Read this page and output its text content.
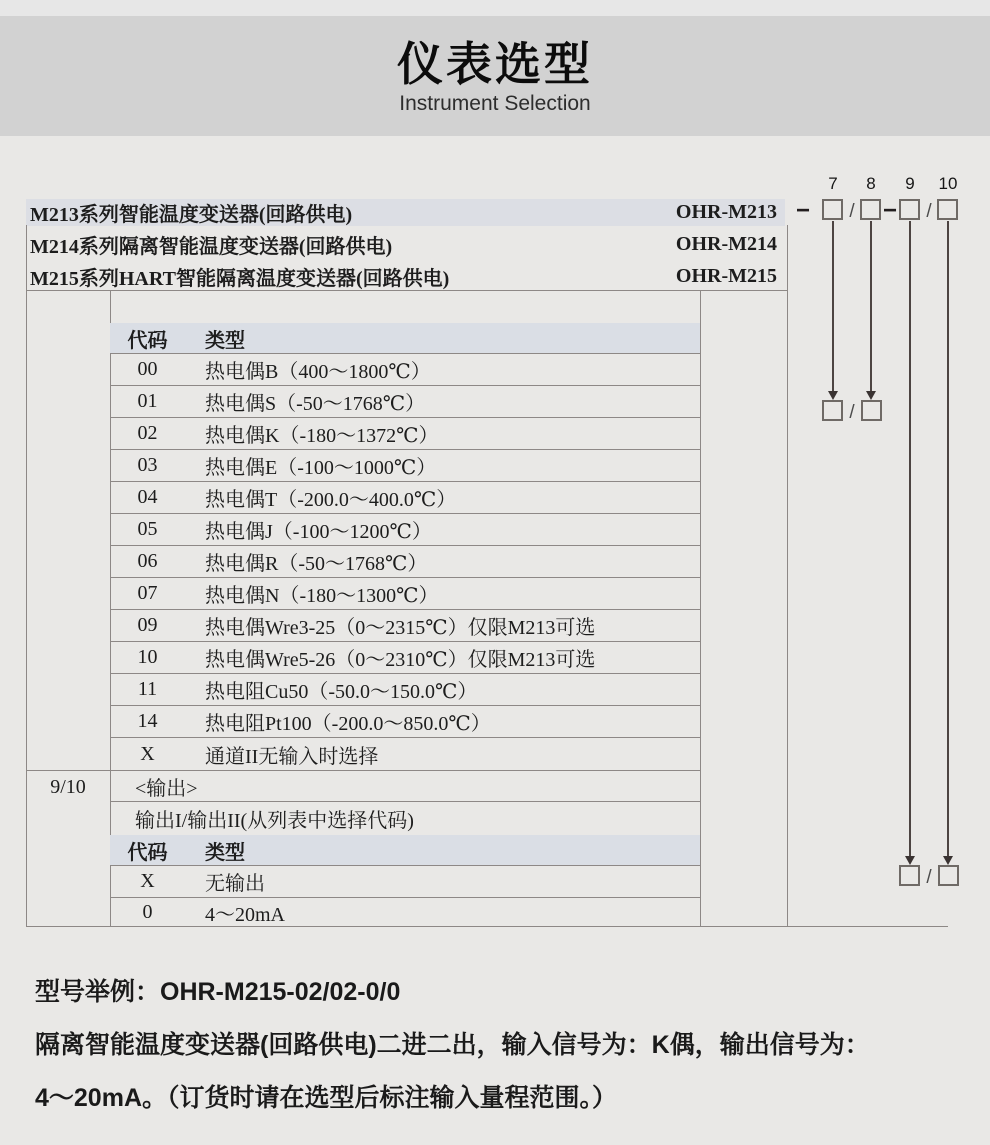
仪表选型
Instrument Selection
M213系列智能温度变送器(回路供电)	OHR-M213
M214系列隔离智能温度变送器(回路供电)	OHR-M214
M215系列HART智能隔离温度变送器(回路供电)	OHR-M215
7 8 9 10
− / − /
/
/
代码	类型
00	热电偶B（400～1800℃）
01	热电偶S（-50～1768℃）
02	热电偶K（-180～1372℃）
03	热电偶E（-100～1000℃）
04	热电偶T（-200.0～400.0℃）
05	热电偶J（-100～1200℃）
06	热电偶R（-50～1768℃）
07	热电偶N（-180～1300℃）
09	热电偶Wre3-25（0～2315℃）仅限M213可选
10	热电偶Wre5-26（0～2310℃）仅限M213可选
11	热电阻Cu50（-50.0～150.0℃）
14	热电阻Pt100（-200.0～850.0℃）
X	通道II无输入时选择
9/10	<输出>
输出I/输出II(从列表中选择代码)
代码	类型
X	无输出
0	4～20mA
型号举例：OHR-M215-02/02-0/0
隔离智能温度变送器(回路供电)二进二出，输入信号为：K偶，输出信号为：
4～20mA。（订货时请在选型后标注输入量程范围。）
